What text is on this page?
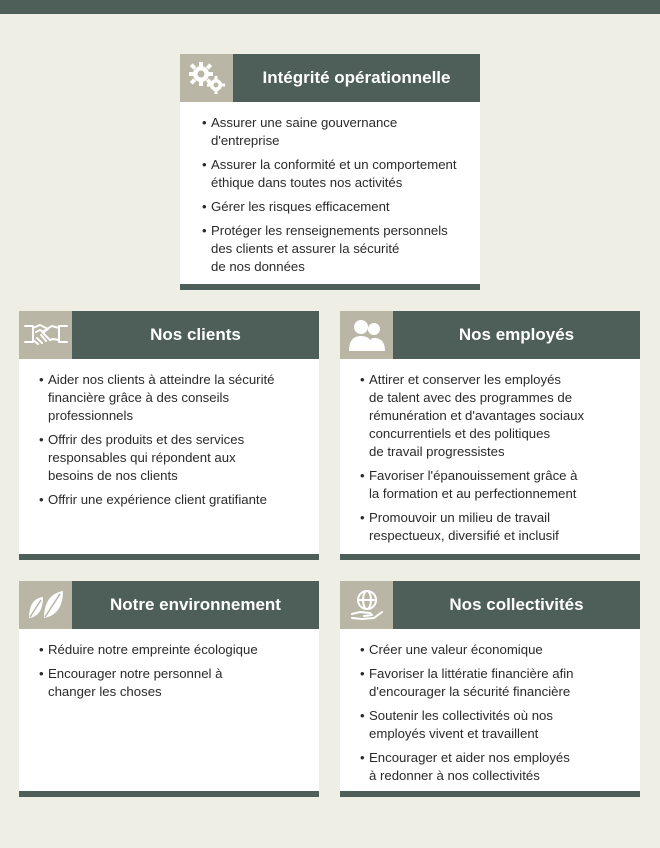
Intégrité opérationnelle
• Assurer une saine gouvernance
d'entreprise
• Assurer la conformité et un comportement
éthique dans toutes nos activités
• Gérer les risques efficacement
• Protéger les renseignements personnels
des clients et assurer la sécurité
de nos données
Nos clients
• Aider nos clients à atteindre la sécurité
financière grâce à des conseils
professionnels
• Offrir des produits et des services
responsables qui répondent aux
besoins de nos clients
• Offrir une expérience client gratifiante
Nos employés
• Attirer et conserver les employés
de talent avec des programmes de
rémunération et d'avantages sociaux
concurrentiels et des politiques
de travail progressistes
• Favoriser l'épanouissement grâce à
la formation et au perfectionnement
• Promouvoir un milieu de travail
respectueux, diversifié et inclusif
Notre environnement
• Réduire notre empreinte écologique
• Encourager notre personnel à
changer les choses
Nos collectivités
• Créer une valeur économique
• Favoriser la littératie financière afin
d'encourager la sécurité financière
• Soutenir les collectivités où nos
employés vivent et travaillent
• Encourager et aider nos employés
à redonner à nos collectivités
